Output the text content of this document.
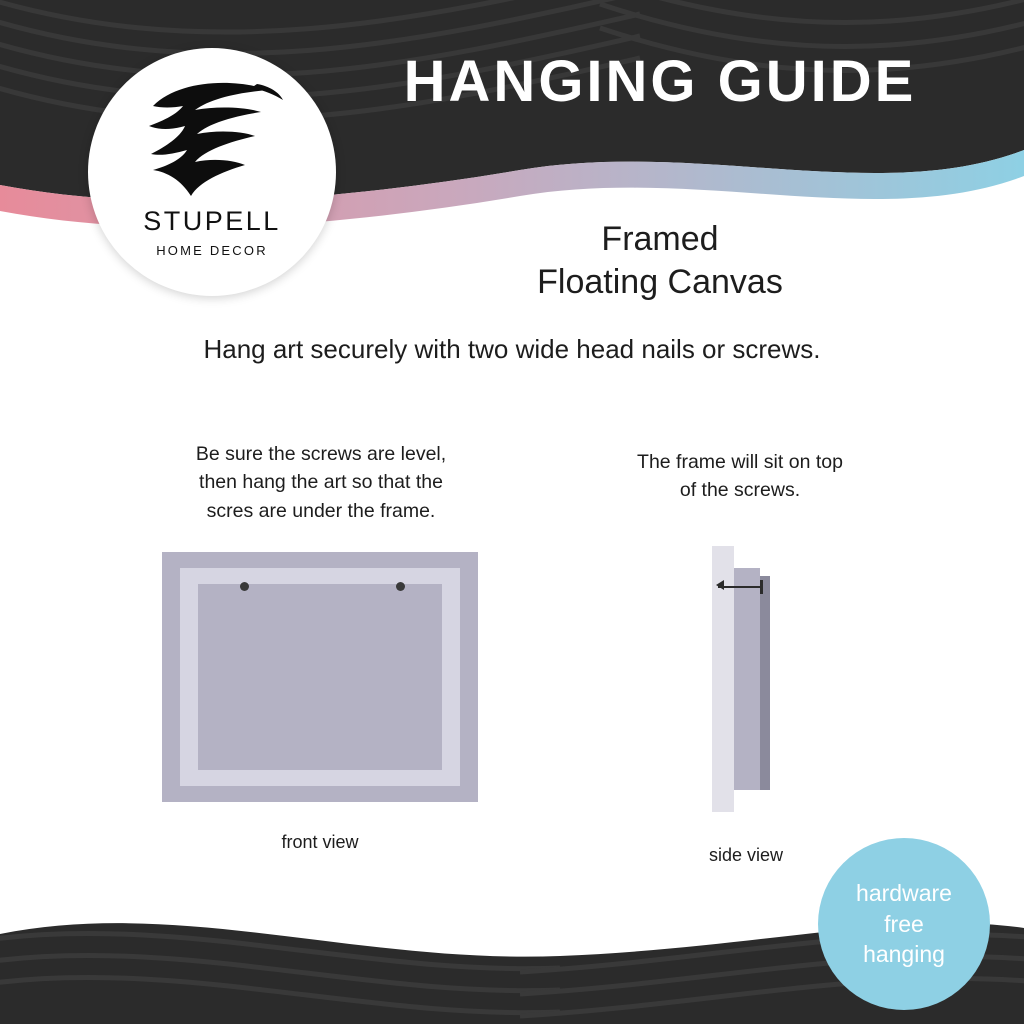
STUPELL
HOME DECOR
HANGING GUIDE
Framed
Floating Canvas
Hang art securely with two wide head nails or screws.
Be sure the screws are level,
then hang the art so that the
scres are under the frame.
front view
The frame will sit on top
of the screws.
side view
hardware
free
hanging
